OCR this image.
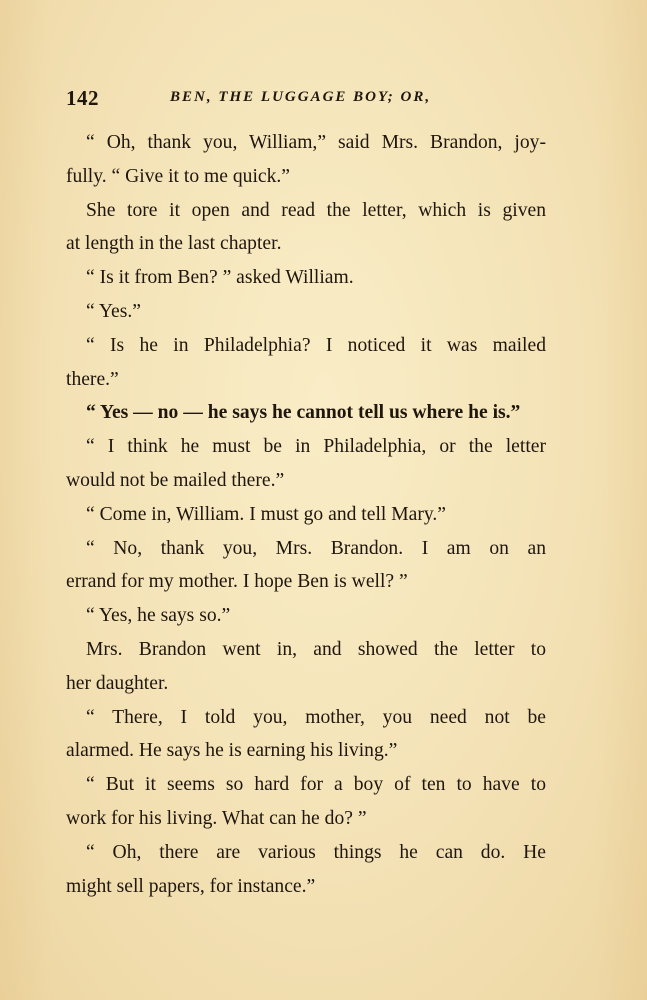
142	BEN, THE LUGGAGE BOY; OR,
“ Oh, thank you, William,” said Mrs. Brandon, joy-
fully. “ Give it to me quick.”
She tore it open and read the letter, which is given
at length in the last chapter.
“ Is it from Ben? ” asked William.
“ Yes.”
“ Is he in Philadelphia? I noticed it was mailed
there.”
“ Yes — no — he says he cannot tell us where he is.”
“ I think he must be in Philadelphia, or the letter
would not be mailed there.”
“ Come in, William. I must go and tell Mary.”
“ No, thank you, Mrs. Brandon. I am on an
errand for my mother. I hope Ben is well? ”
“ Yes, he says so.”
Mrs. Brandon went in, and showed the letter to
her daughter.
“ There, I told you, mother, you need not be
alarmed. He says he is earning his living.”
“ But it seems so hard for a boy of ten to have to
work for his living. What can he do? ”
“ Oh, there are various things he can do. He
might sell papers, for instance.”
